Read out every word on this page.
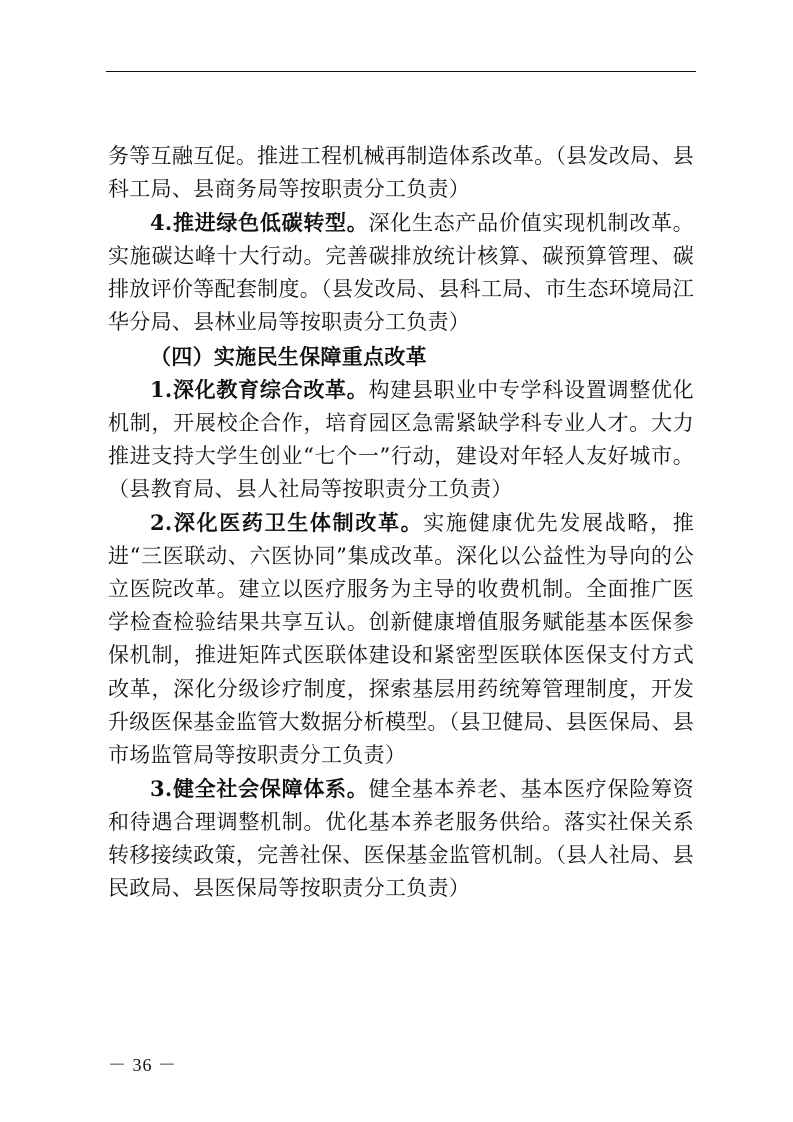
务等互融互促。推进工程机械再制造体系改革。（县发改局、县科工局、县商务局等按职责分工负责）

4.推进绿色低碳转型。深化生态产品价值实现机制改革。实施碳达峰十大行动。完善碳排放统计核算、碳预算管理、碳排放评价等配套制度。（县发改局、县科工局、市生态环境局江华分局、县林业局等按职责分工负责）

（四）实施民生保障重点改革

1.深化教育综合改革。构建县职业中专学科设置调整优化机制，开展校企合作，培育园区急需紧缺学科专业人才。大力推进支持大学生创业“七个一”行动，建设对年轻人友好城市。（县教育局、县人社局等按职责分工负责）

2.深化医药卫生体制改革。实施健康优先发展战略，推进“三医联动、六医协同”集成改革。深化以公益性为导向的公立医院改革。建立以医疗服务为主导的收费机制。全面推广医学检查检验结果共享互认。创新健康增值服务赋能基本医保参保机制，推进矩阵式医联体建设和紧密型医联体医保支付方式改革，深化分级诊疗制度，探索基层用药统筹管理制度，开发升级医保基金监管大数据分析模型。（县卫健局、县医保局、县市场监管局等按职责分工负责）

3.健全社会保障体系。健全基本养老、基本医疗保险筹资和待遇合理调整机制。优化基本养老服务供给。落实社保关系转移接续政策，完善社保、医保基金监管机制。（县人社局、县民政局、县医保局等按职责分工负责）

－ 36 －
